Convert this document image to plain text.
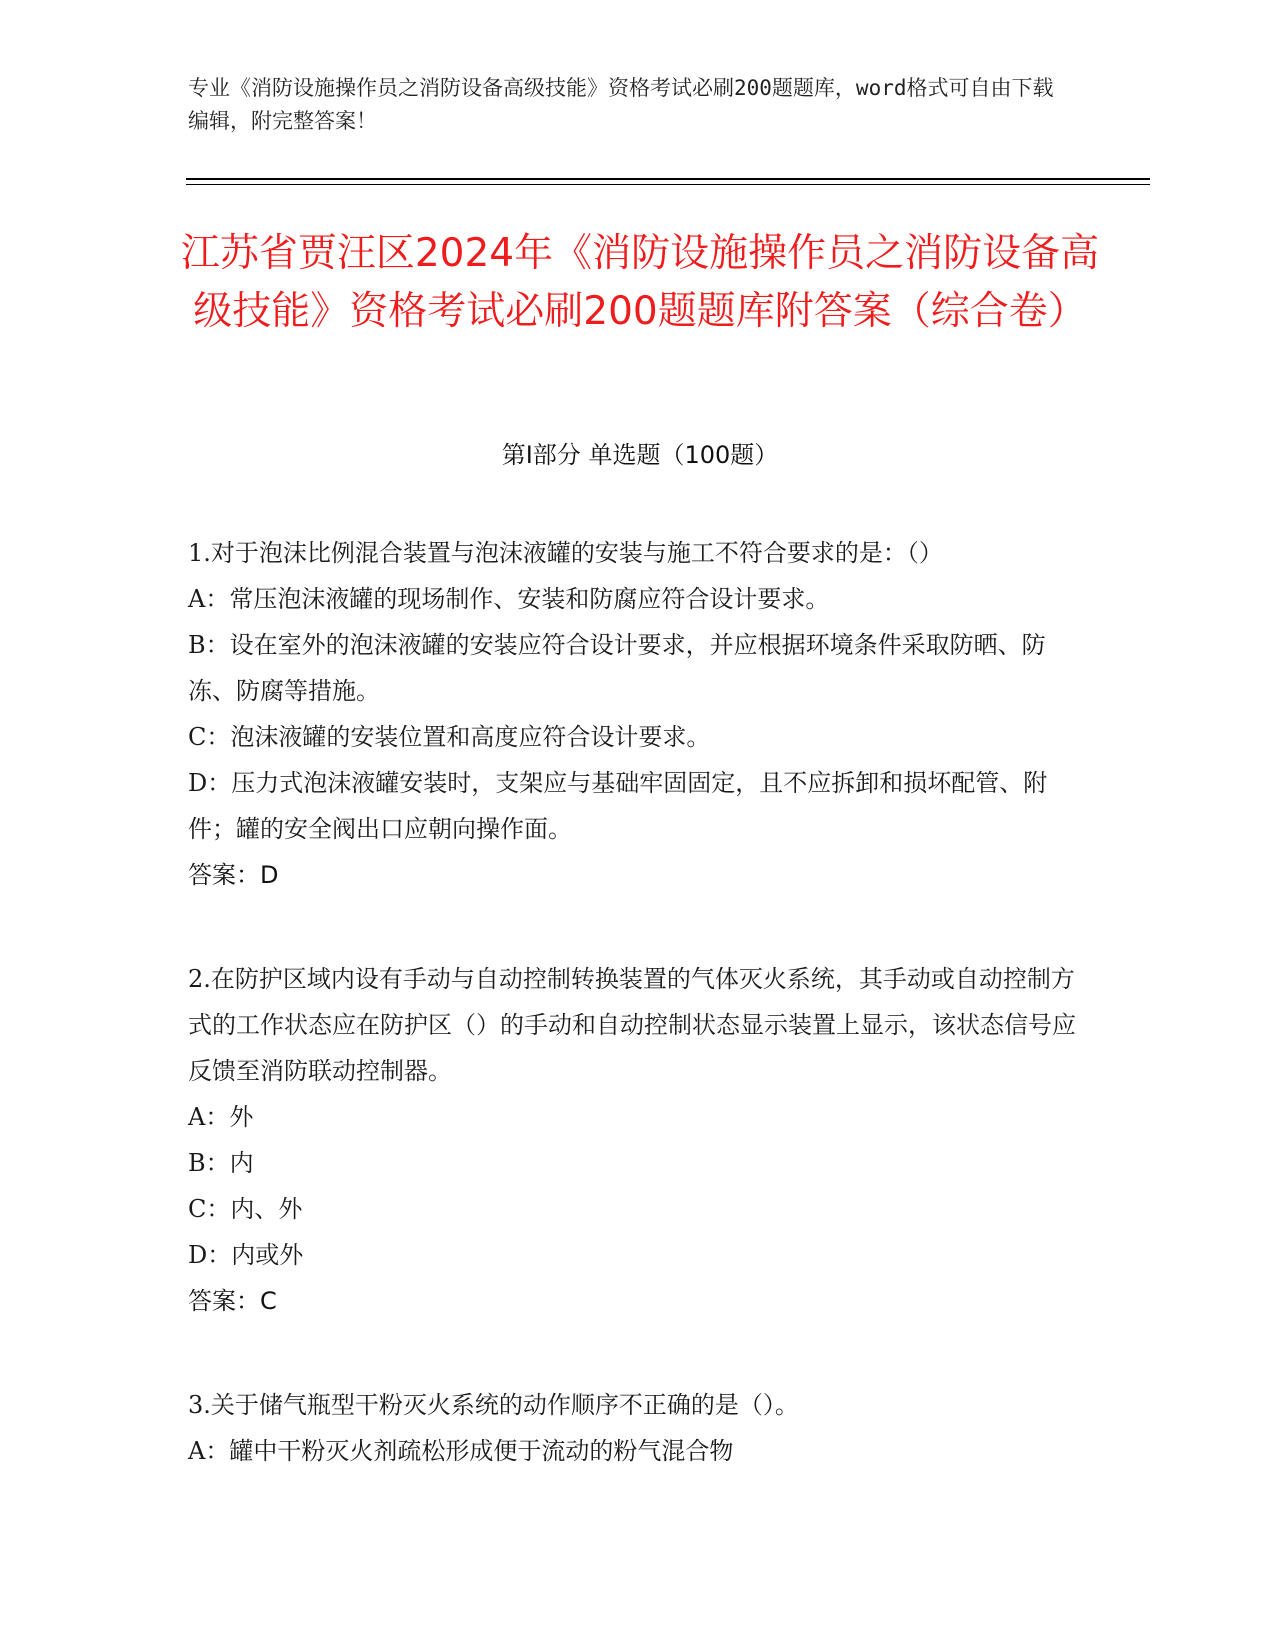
专业《消防设施操作员之消防设备高级技能》资格考试必刷200题题库，word格式可自由下载编辑，附完整答案！
江苏省贾汪区2024年《消防设施操作员之消防设备高级技能》资格考试必刷200题题库附答案（综合卷）
第Ⅰ部分 单选题（100题）

1.对于泡沫比例混合装置与泡沫液罐的安装与施工不符合要求的是：（）

A：常压泡沫液罐的现场制作、安装和防腐应符合设计要求。

B：设在室外的泡沫液罐的安装应符合设计要求，并应根据环境条件采取防晒、防冻、防腐等措施。

C：泡沫液罐的安装位置和高度应符合设计要求。

D：压力式泡沫液罐安装时，支架应与基础牢固固定，且不应拆卸和损坏配管、附件；罐的安全阀出口应朝向操作面。

答案：D

2.在防护区域内设有手动与自动控制转换装置的气体灭火系统，其手动或自动控制方式的工作状态应在防护区（）的手动和自动控制状态显示装置上显示，该状态信号应反馈至消防联动控制器。

A：外

B：内

C：内、外

D：内或外

答案：C

3.关于储气瓶型干粉灭火系统的动作顺序不正确的是（）。

A：罐中干粉灭火剂疏松形成便于流动的粉气混合物
